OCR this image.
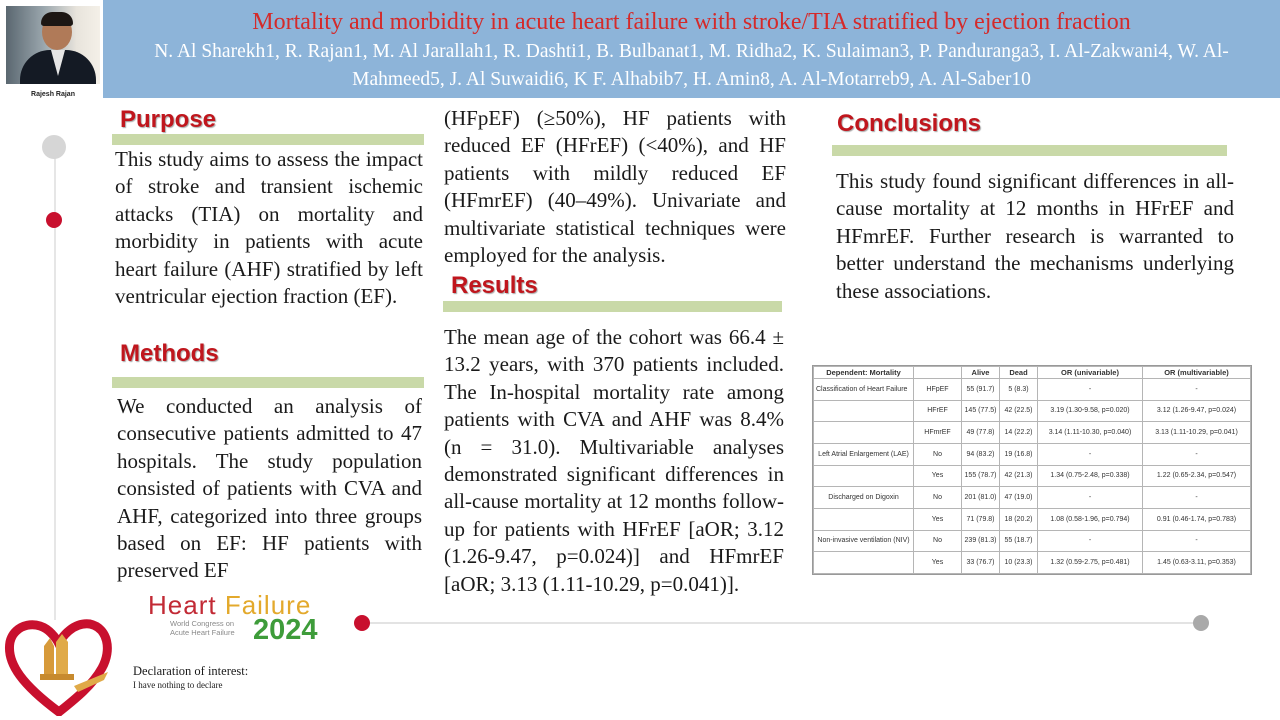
Mortality and morbidity in acute heart failure with stroke/TIA stratified by ejection fraction
N. Al Sharekh1, R. Rajan1, M. Al Jarallah1, R. Dashti1, B. Bulbanat1, M. Ridha2, K. Sulaiman3, P. Panduranga3, I. Al-Zakwani4, W. Al-Mahmeed5, J. Al Suwaidi6, K F. Alhabib7, H. Amin8, A. Al-Motarreb9, A. Al-Saber10
Rajesh Rajan
Purpose
This study aims to assess the impact of stroke and transient ischemic attacks (TIA) on mortality and morbidity in patients with acute heart failure (AHF) stratified by left ventricular ejection fraction (EF).
Methods
We conducted an analysis of consecutive patients admitted to 47 hospitals. The study population consisted of patients with CVA and AHF, categorized into three groups based on EF: HF patients with preserved EF
(HFpEF) (≥50%), HF patients with reduced EF (HFrEF) (<40%), and HF patients with mildly reduced EF (HFmrEF) (40–49%). Univariate and multivariate statistical techniques were employed for the analysis.
Results
The mean age of the cohort was 66.4 ± 13.2 years, with 370 patients included. The In-hospital mortality rate among patients with CVA and AHF was 8.4% (n = 31.0). Multivariable analyses demonstrated significant differences in all-cause mortality at 12 months follow-up for patients with HFrEF [aOR; 3.12 (1.26-9.47, p=0.024)] and HFmrEF [aOR; 3.13 (1.11-10.29, p=0.041)].
Conclusions
This study found significant differences in all-cause mortality at 12 months in HFrEF and HFmrEF. Further research is warranted to better understand the mechanisms underlying these associations.
Dependent: Mortality		Alive	Dead	OR (univariable)	OR (multivariable)
Classification of Heart Failure	HFpEF	55 (91.7)	5 (8.3)	-	-
	HFrEF	145 (77.5)	42 (22.5)	3.19 (1.30-9.58, p=0.020)	3.12 (1.26-9.47, p=0.024)
	HFmrEF	49 (77.8)	14 (22.2)	3.14 (1.11-10.30, p=0.040)	3.13 (1.11-10.29, p=0.041)
Left Atrial Enlargement (LAE)	No	94 (83.2)	19 (16.8)	-	-
	Yes	155 (78.7)	42 (21.3)	1.34 (0.75-2.48, p=0.338)	1.22 (0.65-2.34, p=0.547)
Discharged on Digoxin	No	201 (81.0)	47 (19.0)	-	-
	Yes	71 (79.8)	18 (20.2)	1.08 (0.58-1.96, p=0.794)	0.91 (0.46-1.74, p=0.783)
Non-invasive ventilation (NIV)	No	239 (81.3)	55 (18.7)	-	-
	Yes	33 (76.7)	10 (23.3)	1.32 (0.59-2.75, p=0.481)	1.45 (0.63-3.11, p=0.353)
Heart Failure
World Congress on
Acute Heart Failure 2024
Declaration of interest:
I have nothing to declare
